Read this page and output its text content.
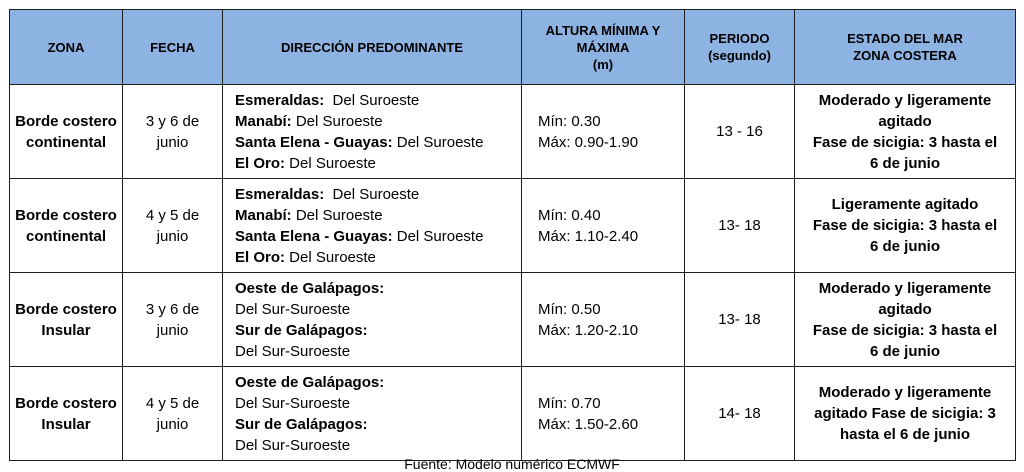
ZONA	FECHA	DIRECCIÓN PREDOMINANTE	ALTURA MÍNIMA Y
MÁXIMA
(m)	PERIODO
(segundo)	ESTADO DEL MAR
ZONA COSTERA

Borde costero
continental	3 y 6 de
junio	Esmeraldas:  Del Suroeste
Manabí: Del Suroeste
Santa Elena - Guayas: Del Suroeste
El Oro: Del Suroeste	Mín: 0.30
Máx: 0.90-1.90	13 - 16	Moderado y ligeramente
agitado
Fase de sicigia: 3 hasta el
6 de junio

Borde costero
continental	4 y 5 de
junio	Esmeraldas:  Del Suroeste
Manabí: Del Suroeste
Santa Elena - Guayas: Del Suroeste
El Oro: Del Suroeste	Mín: 0.40
Máx: 1.10-2.40	13- 18	Ligeramente agitado
Fase de sicigia: 3 hasta el
6 de junio

Borde costero
Insular	3 y 6 de
junio	Oeste de Galápagos:
Del Sur-Suroeste
Sur de Galápagos:
Del Sur-Suroeste	Mín: 0.50
Máx: 1.20-2.10	13- 18	Moderado y ligeramente
agitado
Fase de sicigia: 3 hasta el
6 de junio

Borde costero
Insular	4 y 5 de
junio	Oeste de Galápagos:
Del Sur-Suroeste
Sur de Galápagos:
Del Sur-Suroeste	Mín: 0.70
Máx: 1.50-2.60	14- 18	Moderado y ligeramente
agitado Fase de sicigia: 3
hasta el 6 de junio
Fuente: Modelo numérico ECMWF
